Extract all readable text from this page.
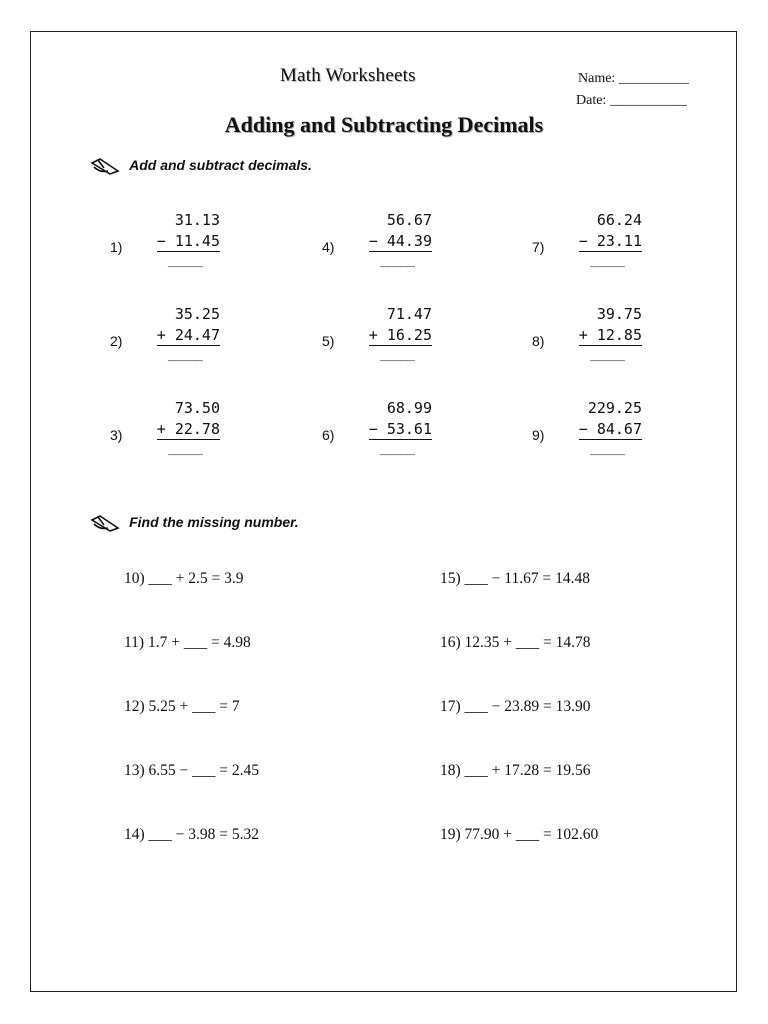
Math Worksheets	Name: __________
Date: ___________
Adding and Subtracting Decimals
Add and subtract decimals.
1)
31.13
− 11.45
_____
2)
35.25
+ 24.47
_____
3)
73.50
+ 22.78
_____
4)
56.67
− 44.39
_____
5)
71.47
+ 16.25
_____
6)
68.99
− 53.61
_____
7)
66.24
− 23.11
_____
8)
39.75
+ 12.85
_____
9)
229.25
− 84.67
_____
Find the missing number.
10) ___ + 2.5 = 3.9
11) 1.7 + ___ = 4.98
12) 5.25 + ___ = 7
13) 6.55 − ___ = 2.45
14) ___ − 3.98 = 5.32
15) ___ − 11.67 = 14.48
16) 12.35 + ___ = 14.78
17) ___ − 23.89 = 13.90
18) ___ + 17.28 = 19.56
19) 77.90 + ___ = 102.60
